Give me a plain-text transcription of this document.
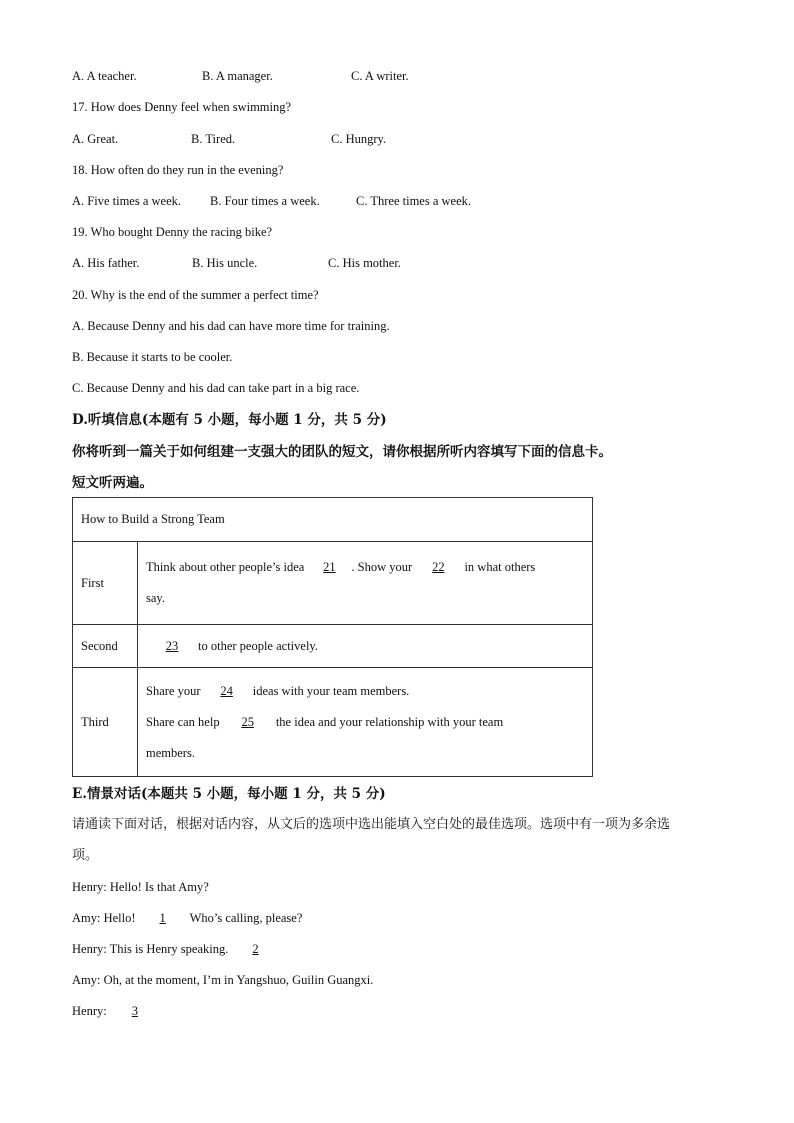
A. A teacher.	B. A manager.	C. A writer.
17. How does Denny feel when swimming?
A. Great.	B. Tired.	C. Hungry.
18. How often do they run in the evening?
A. Five times a week. B. Four times a week.	C. Three times a week.
19. Who bought Denny the racing bike?
A. His father.	B. His uncle.	C. His mother.
20. Why is the end of the summer a perfect time?
A. Because Denny and his dad can have more time for training.
B. Because it starts to be cooler.
C. Because Denny and his dad can take part in a big race.
D.听填信息(本题有 5 小题，每小题 1 分，共 5 分)
你将听到一篇关于如何组建一支强大的团队的短文，请你根据所听内容填写下面的信息卡。
短文听两遍。
How to Build a Strong Team	
First	Think about other people’s idea 21 . Show your 22 in what others
say.

Second	23 to other people actively.
Third	Share your 24 ideas with your team members.
Share can help 25 the idea and your relationship with your team
members.
E.情景对话(本题共 5 小题，每小题 1 分，共 5 分)
请通读下面对话，根据对话内容，从文后的选项中选出能填入空白处的最佳选项。选项中有一项为多余选
项。
Henry: Hello! Is that Amy?
Amy: Hello! 1 Who’s calling, please?
Henry: This is Henry speaking. 2
Amy: Oh, at the moment, I’m in Yangshuo, Guilin Guangxi.
Henry: 3
